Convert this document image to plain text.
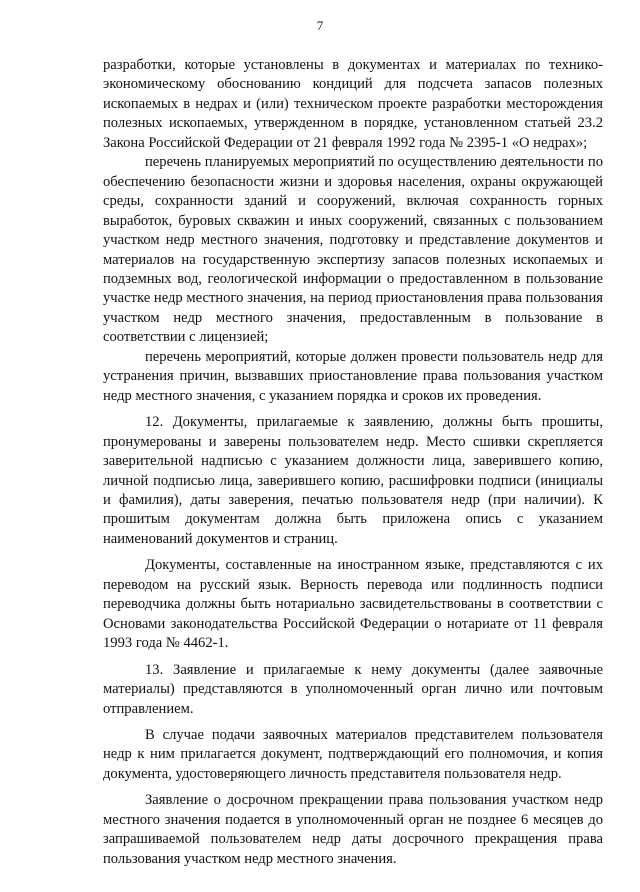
7

разработки, которые установлены в документах и материалах по технико-экономическому обоснованию кондиций для подсчета запасов полезных ископаемых в недрах и (или) техническом проекте разработки месторождения полезных ископаемых, утвержденном в порядке, установленном статьей 23.2 Закона Российской Федерации от 21 февраля 1992 года № 2395-1 «О недрах»;

перечень планируемых мероприятий по осуществлению деятельности по обеспечению безопасности жизни и здоровья населения, охраны окружающей среды, сохранности зданий и сооружений, включая сохранность горных выработок, буровых скважин и иных сооружений, связанных с пользованием участком недр местного значения, подготовку и представление документов и материалов на государственную экспертизу запасов полезных ископаемых и подземных вод, геологической информации о предоставленном в пользование участке недр местного значения, на период приостановления права пользования участком недр местного значения, предоставленным в пользование в соответствии с лицензией;

перечень мероприятий, которые должен провести пользователь недр для устранения причин, вызвавших приостановление права пользования участком недр местного значения, с указанием порядка и сроков их проведения.

12. Документы, прилагаемые к заявлению, должны быть прошиты, пронумерованы и заверены пользователем недр. Место сшивки скрепляется заверительной надписью с указанием должности лица, заверившего копию, личной подписью лица, заверившего копию, расшифровки подписи (инициалы и фамилия), даты заверения, печатью пользователя недр (при наличии). К прошитым документам должна быть приложена опись с указанием наименований документов и страниц.

Документы, составленные на иностранном языке, представляются с их переводом на русский язык. Верность перевода или подлинность подписи переводчика должны быть нотариально засвидетельствованы в соответствии с Основами законодательства Российской Федерации о нотариате от 11 февраля 1993 года № 4462-1.

13. Заявление и прилагаемые к нему документы (далее заявочные материалы) представляются в уполномоченный орган лично или почтовым отправлением.

В случае подачи заявочных материалов представителем пользователя недр к ним прилагается документ, подтверждающий его полномочия, и копия документа, удостоверяющего личность представителя пользователя недр.

Заявление о досрочном прекращении права пользования участком недр местного значения подается в уполномоченный орган не позднее 6 месяцев до запрашиваемой пользователем недр даты досрочного прекращения права пользования участком недр местного значения.
